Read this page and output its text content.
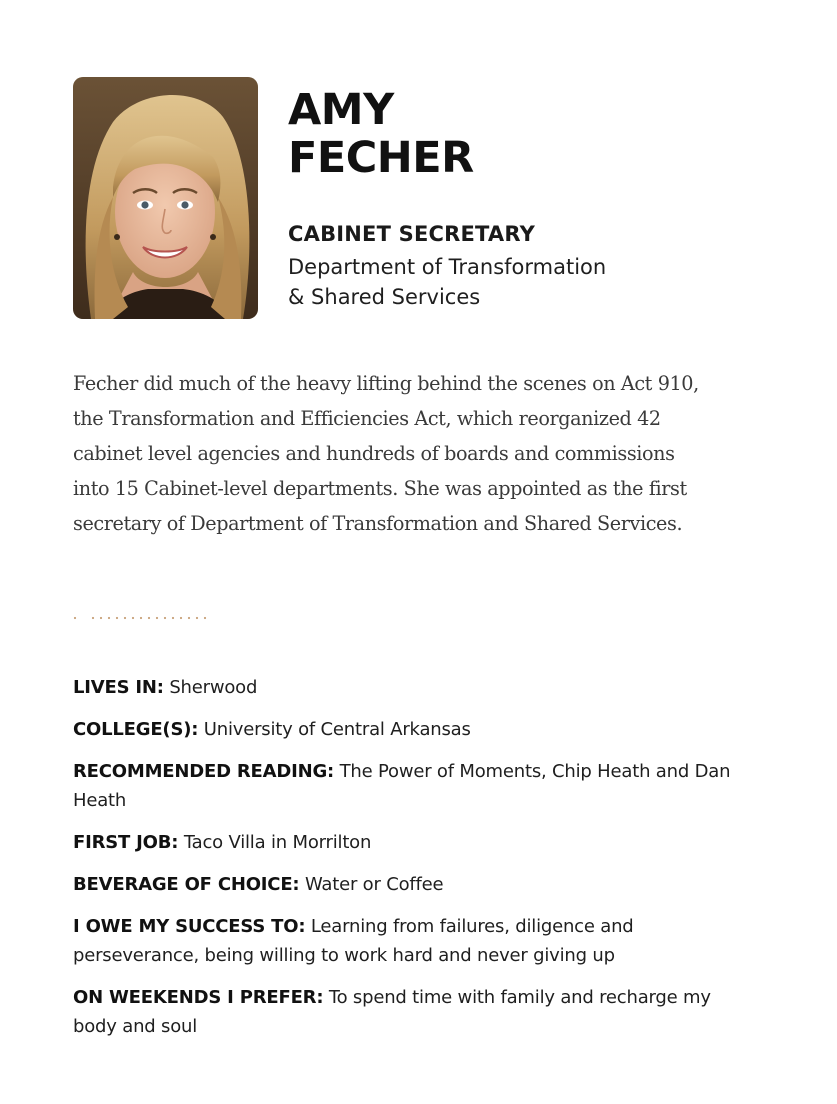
AMY
FECHER
CABINET SECRETARY
Department of Transformation
& Shared Services

Fecher did much of the heavy lifting behind the scenes on Act 910, the Transformation and Efficiencies Act, which reorganized 42 cabinet level agencies and hundreds of boards and commissions into 15 Cabinet-level departments. She was appointed as the first secretary of Department of Transformation and Shared Services.

LIVES IN: Sherwood
COLLEGE(S): University of Central Arkansas
RECOMMENDED READING: The Power of Moments, Chip Heath and Dan Heath
FIRST JOB: Taco Villa in Morrilton
BEVERAGE OF CHOICE: Water or Coffee
I OWE MY SUCCESS TO: Learning from failures, diligence and perseverance, being willing to work hard and never giving up
ON WEEKENDS I PREFER: To spend time with family and recharge my body and soul
